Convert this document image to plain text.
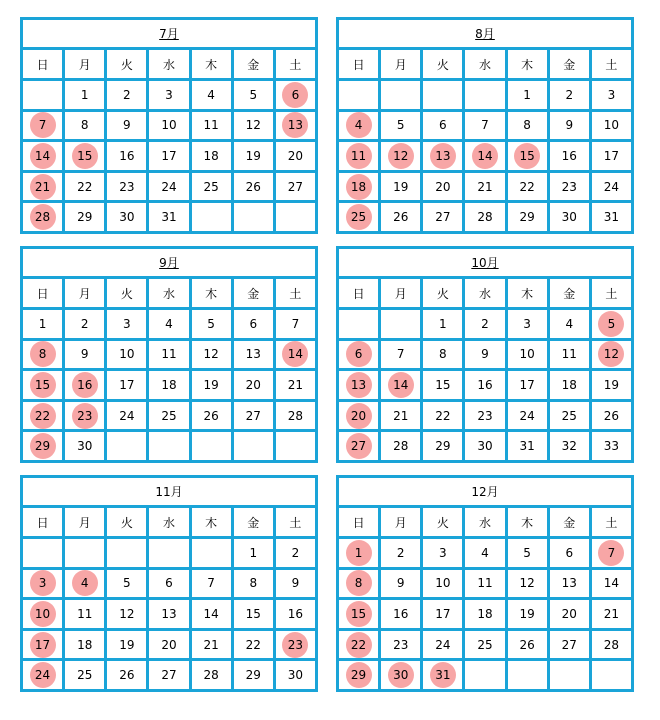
7月						
日	月	火	水	木	金	土
	1	2	3	4	5	6
7	8	9	10	11	12	13
14	15	16	17	18	19	20
21	22	23	24	25	26	27
28	29	30	31			
8月						
日	月	火	水	木	金	土
				1	2	3
4	5	6	7	8	9	10
11	12	13	14	15	16	17
18	19	20	21	22	23	24
25	26	27	28	29	30	31
9月						
日	月	火	水	木	金	土
1	2	3	4	5	6	7
8	9	10	11	12	13	14
15	16	17	18	19	20	21
22	23	24	25	26	27	28
29	30					
10月						
日	月	火	水	木	金	土
		1	2	3	4	5
6	7	8	9	10	11	12
13	14	15	16	17	18	19
20	21	22	23	24	25	26
27	28	29	30	31	32	33
11月						
日	月	火	水	木	金	土
					1	2
3	4	5	6	7	8	9
10	11	12	13	14	15	16
17	18	19	20	21	22	23
24	25	26	27	28	29	30
12月						
日	月	火	水	木	金	土
1	2	3	4	5	6	7
8	9	10	11	12	13	14
15	16	17	18	19	20	21
22	23	24	25	26	27	28
29	30	31				
